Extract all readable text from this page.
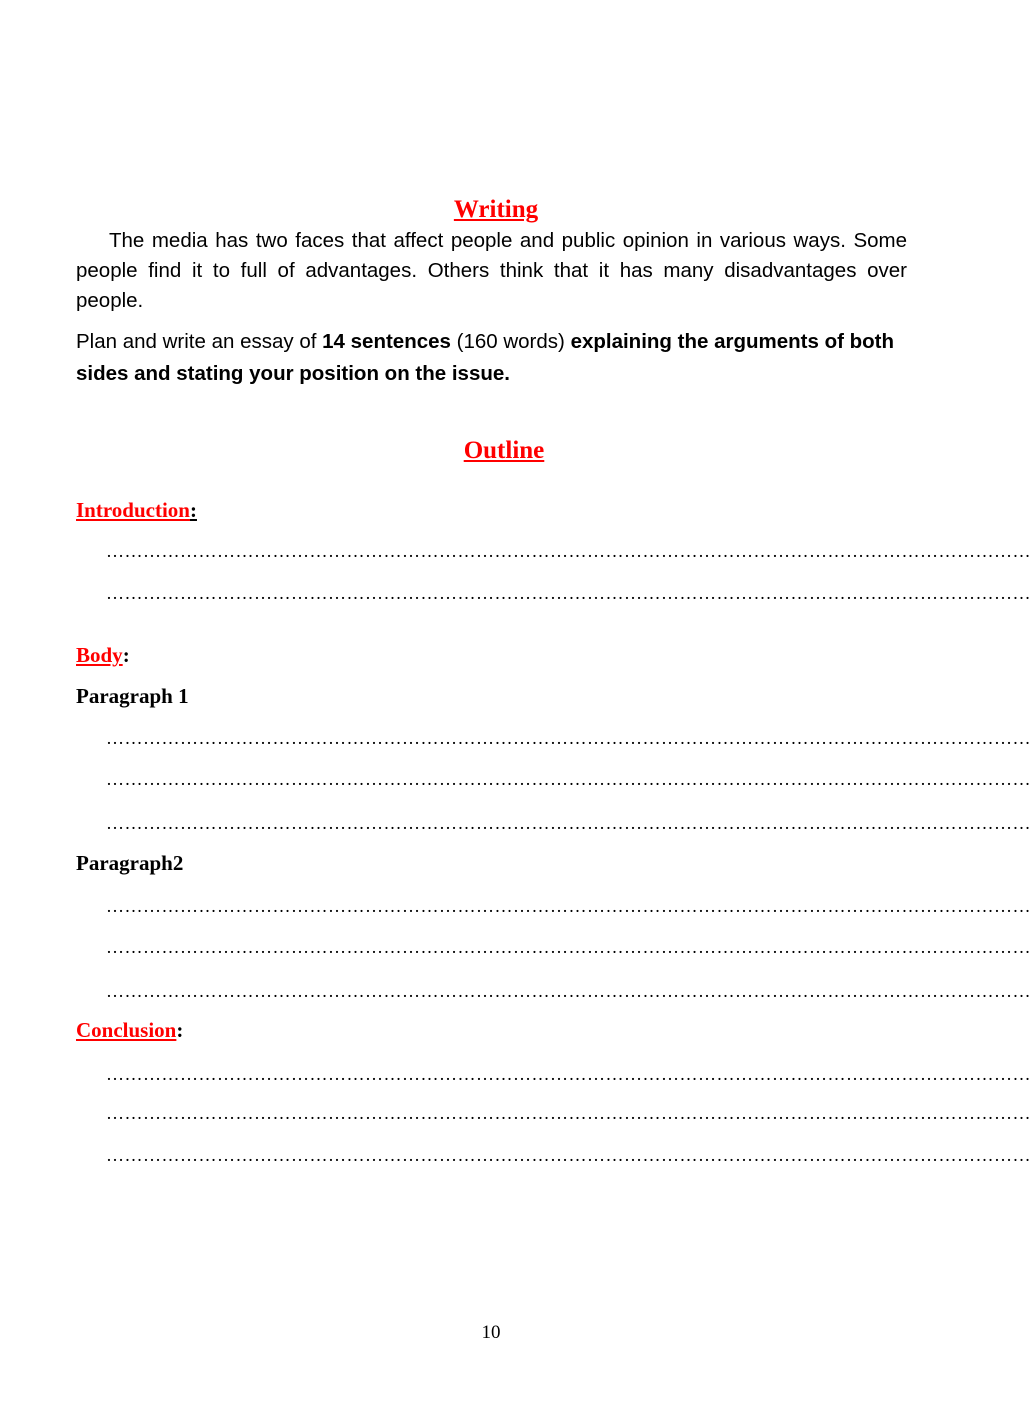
Writing
The media has two faces that affect people and public opinion in various ways. Some people find it to full of advantages. Others think that it has many disadvantages over people.
Plan and write an essay of 14 sentences (160 words) explaining the arguments of both sides and stating your position on the issue.
Outline
Introduction:
……………………………………………………………………………………………………………………………………
……………………………………………………………………………………………………………………………………
Body:
Paragraph 1
……………………………………………………………………………………………………………………………………
……………………………………………………………………………………………………………………………………
……………………………………………………………………………………………………………………………………
Paragraph2
……………………………………………………………………………………………………………………………………
……………………………………………………………………………………………………………………………………
……………………………………………………………………………………………………………………………………
Conclusion:
……………………………………………………………………………………………………………………………………
……………………………………………………………………………………………………………………………………
……………………………………………………………………………………………………………………………………
10
